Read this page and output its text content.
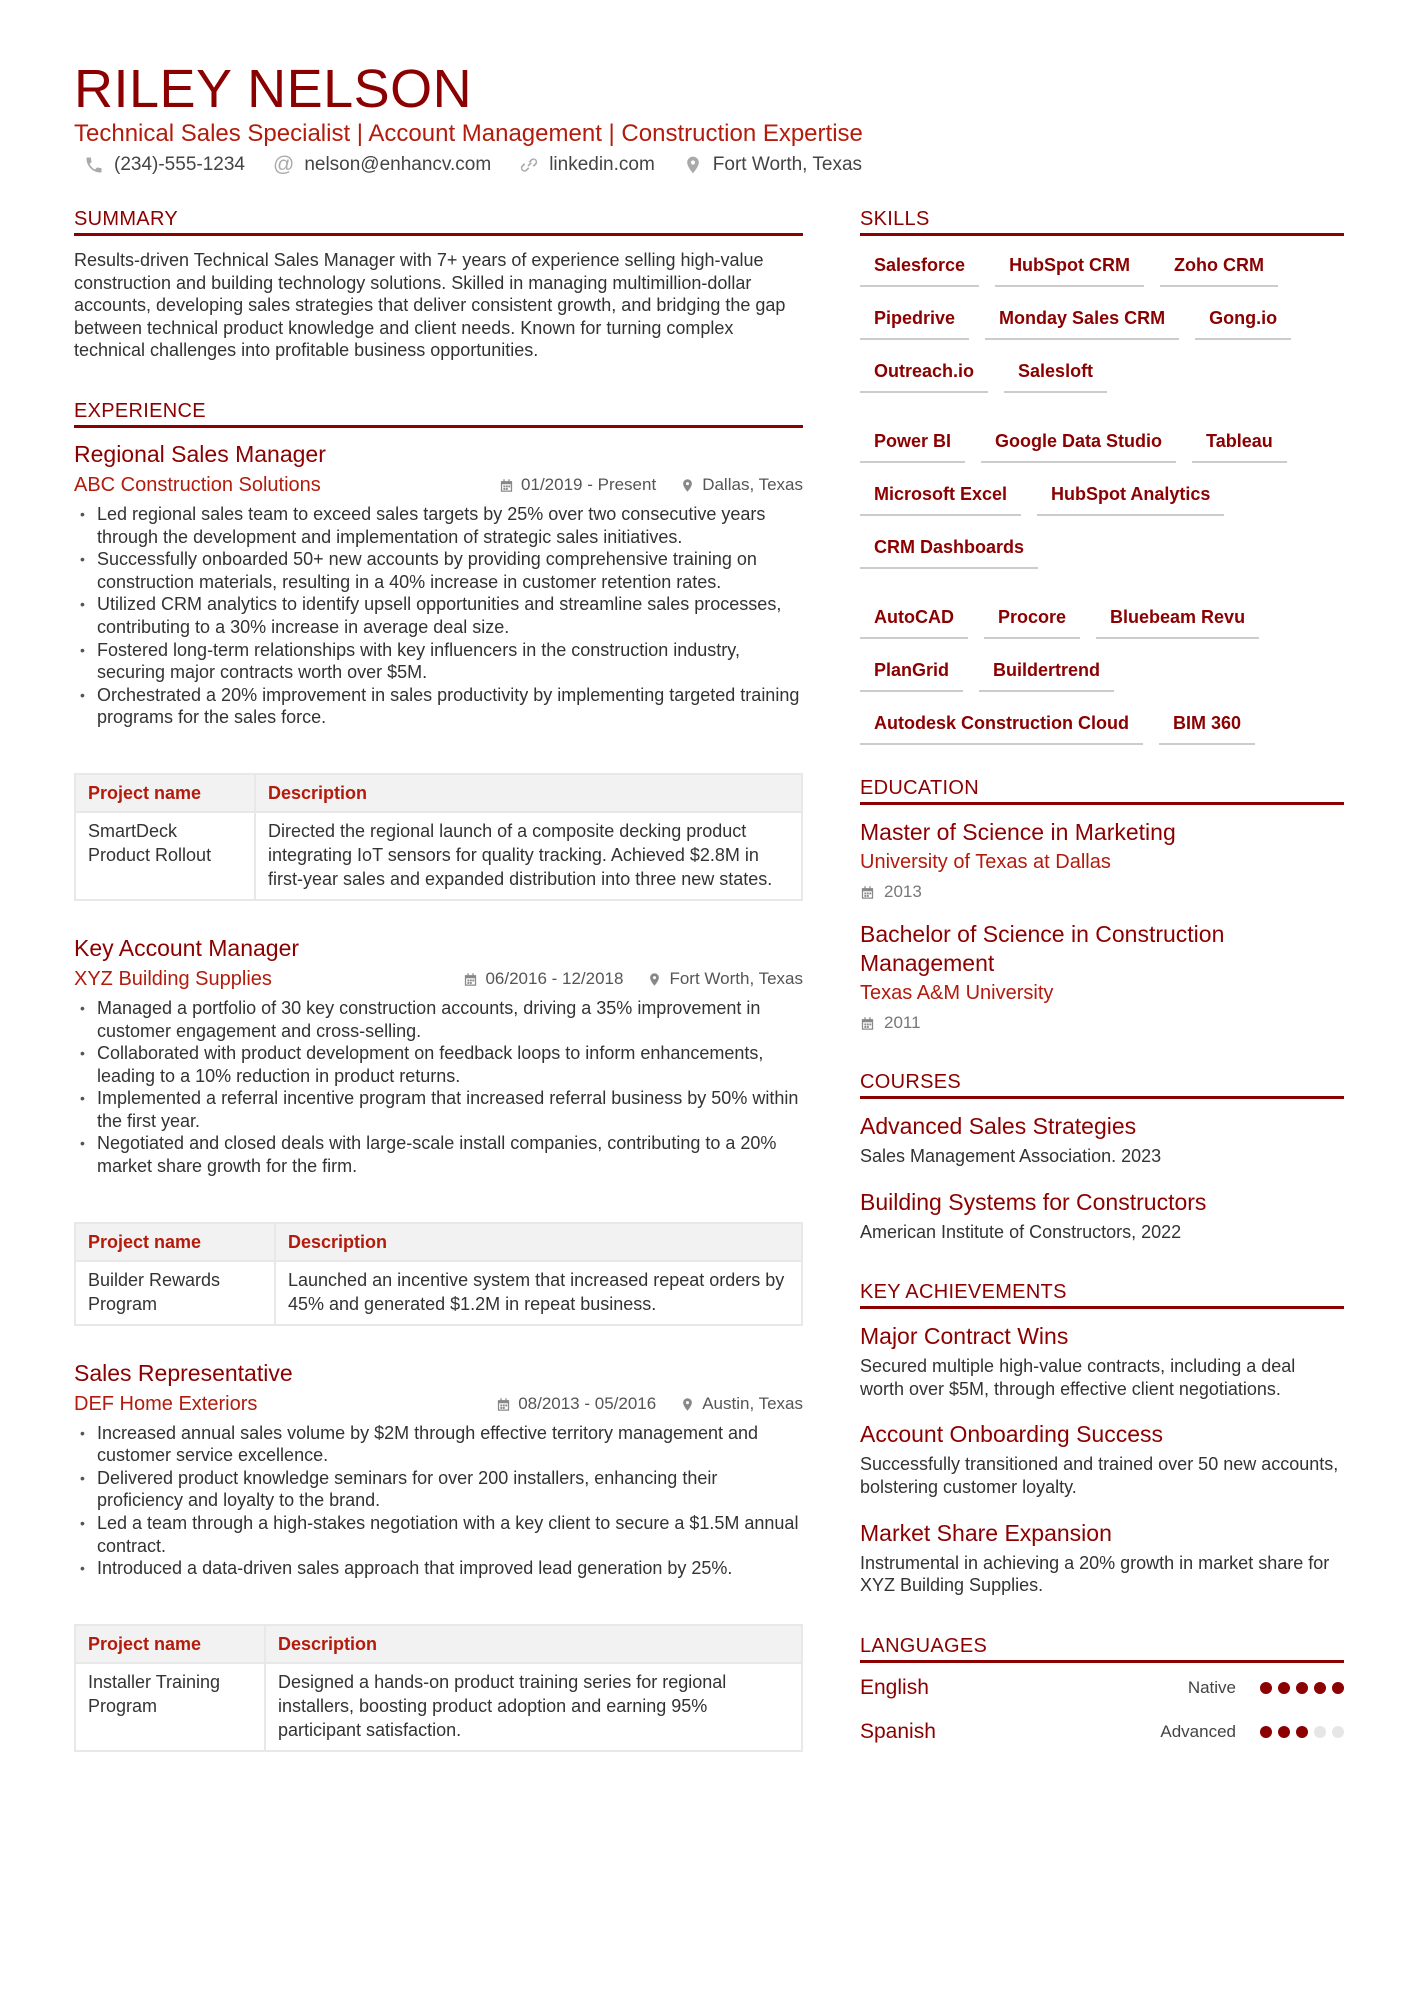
RILEY NELSON
Technical Sales Specialist | Account Management | Construction Expertise
(234)-555-1234 @ nelson@enhancv.com	linkedin.com	Fort Worth, Texas
SUMMARY

Results-driven Technical Sales Manager with 7+ years of experience selling high-value construction and building technology solutions. Skilled in managing multimillion-dollar accounts, developing sales strategies that deliver consistent growth, and bridging the gap between technical product knowledge and client needs. Known for turning complex technical challenges into profitable business opportunities.

EXPERIENCE
Regional Sales Manager
ABC Construction Solutions	01/2019 - Present	Dallas, Texas
• Led regional sales team to exceed sales targets by 25% over two consecutive years through the development and implementation of strategic sales initiatives.
• Successfully onboarded 50+ new accounts by providing comprehensive training on construction materials, resulting in a 40% increase in customer retention rates.
• Utilized CRM analytics to identify upsell opportunities and streamline sales processes, contributing to a 30% increase in average deal size.
• Fostered long-term relationships with key influencers in the construction industry, securing major contracts worth over $5M.
• Orchestrated a 20% improvement in sales productivity by implementing targeted training programs for the sales force.
Project name	Description
SmartDeck Product Rollout	Directed the regional launch of a composite decking product integrating IoT sensors for quality tracking. Achieved $2.8M in first-year sales and expanded distribution into three new states.
Key Account Manager
XYZ Building Supplies	06/2016 - 12/2018	Fort Worth, Texas
• Managed a portfolio of 30 key construction accounts, driving a 35% improvement in customer engagement and cross-selling.
• Collaborated with product development on feedback loops to inform enhancements, leading to a 10% reduction in product returns.
• Implemented a referral incentive program that increased referral business by 50% within the first year.
• Negotiated and closed deals with large-scale install companies, contributing to a 20% market share growth for the firm.
Project name	Description
Builder Rewards Program	Launched an incentive system that increased repeat orders by 45% and generated $1.2M in repeat business.
Sales Representative
DEF Home Exteriors	08/2013 - 05/2016	Austin, Texas
• Increased annual sales volume by $2M through effective territory management and customer service excellence.
• Delivered product knowledge seminars for over 200 installers, enhancing their proficiency and loyalty to the brand.
• Led a team through a high-stakes negotiation with a key client to secure a $1.5M annual contract.
• Introduced a data-driven sales approach that improved lead generation by 25%.
Project name	Description
Installer Training Program	Designed a hands-on product training series for regional installers, boosting product adoption and earning 95% participant satisfaction.
SKILLS
Salesforce	HubSpot CRM	Zoho CRM
Pipedrive	Monday Sales CRM	Gong.io
Outreach.io	Salesloft
Power BI	Google Data Studio	Tableau
Microsoft Excel	HubSpot Analytics
CRM Dashboards
AutoCAD	Procore	Bluebeam Revu
PlanGrid	Buildertrend
Autodesk Construction Cloud	BIM 360
EDUCATION
Master of Science in Marketing
University of Texas at Dallas
2013
Bachelor of Science in Construction Management
Texas A&M University
2011
COURSES
Advanced Sales Strategies
Sales Management Association. 2023
Building Systems for Constructors
American Institute of Constructors, 2022
KEY ACHIEVEMENTS
Major Contract Wins
Secured multiple high-value contracts, including a deal worth over $5M, through effective client negotiations.
Account Onboarding Success
Successfully transitioned and trained over 50 new accounts, bolstering customer loyalty.
Market Share Expansion
Instrumental in achieving a 20% growth in market share for XYZ Building Supplies.
LANGUAGES
English	Native
Spanish	Advanced
